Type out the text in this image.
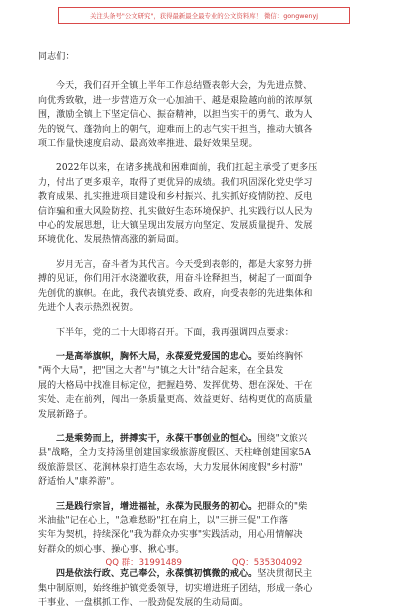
关注头条号"公文研究"，获得最新最全最专业的公文资料库！ 微信：gongwenyj

同志们：

今天，我们召开全镇上半年工作总结暨表彰大会，为先进点赞、
向优秀致敬，进一步营造万众一心加油干、越是艰险越向前的浓厚氛
围，激励全镇上下坚定信心、振奋精神，以担当实干的勇气、敢为人
先的锐气、蓬勃向上的朝气，迎难而上的志气实干担当，推动大镇各
项工作量快速度启动、最高效率推进、最好效果呈现。

2022年以来，在诸多挑战和困难面前，我们扛起主承受了更多压
力，付出了更多艰辛，取得了更优异的成绩。我们巩固深化党史学习
教育成果、扎实推进项目建设和乡村振兴、扎实抓好疫情防控、反电
信诈骗和重大风险防控、扎实做好生态环境保护、扎实践行以人民为
中心的发展思想，让大镇呈现出发展方向坚定、发展质量提升、发展
环境优化、发展热情高涨的新局面。

岁月无言，奋斗者为其代言。今天受到表彰的，都是大家努力拼
搏的见证，你们用汗水浇灌收获，用奋斗诠释担当，树起了一面面争
先创优的旗帜。在此，我代表镇党委、政府，向受表彰的先进集体和
先进个人表示热烈祝贺。

下半年，党的二十大即将召开。下面，我再强调四点要求：

一是高举旗帜，胸怀大局，永葆爱党爱国的忠心。要始终胸怀
"两个大局"，把"国之大者"与"镇之大计"结合起来，在全县发
展的大格局中找准目标定位，把握趋势、发挥优势、想在深处、干在
实处、走在前列，闯出一条质量更高、效益更好、结构更优的高质量
发展新路子。

二是乘势而上，拼搏实干，永葆干事创业的恒心。围绕"文旅兴
县"战略，全力支持汤里创建国家级旅游度假区、天柱峰创建国家5A
级旅游景区、花涧林泉打造生态农场，大力发展休闲度假"乡村游"
舒适怡人"康养游"。

三是践行宗旨，增进福祉，永葆为民服务的初心。把群众的"柴
米油盐"记在心上，"急难愁盼"扛在肩上，以"三拼三促"工作落
实年为契机，持续深化"我为群众办实事"实践活动，用心用情解决
好群众的烦心事、操心事、揪心事。

四是依法行政、克己奉公，永葆慎初慎微的戒心。坚决贯彻民主
集中制原则，始终维护镇党委领导，切实增进班子团结，形成一条心
干事业、一盘棋抓工作、一股劲促发展的生动局面。

QQ 群：31991489	QQ：535304092
